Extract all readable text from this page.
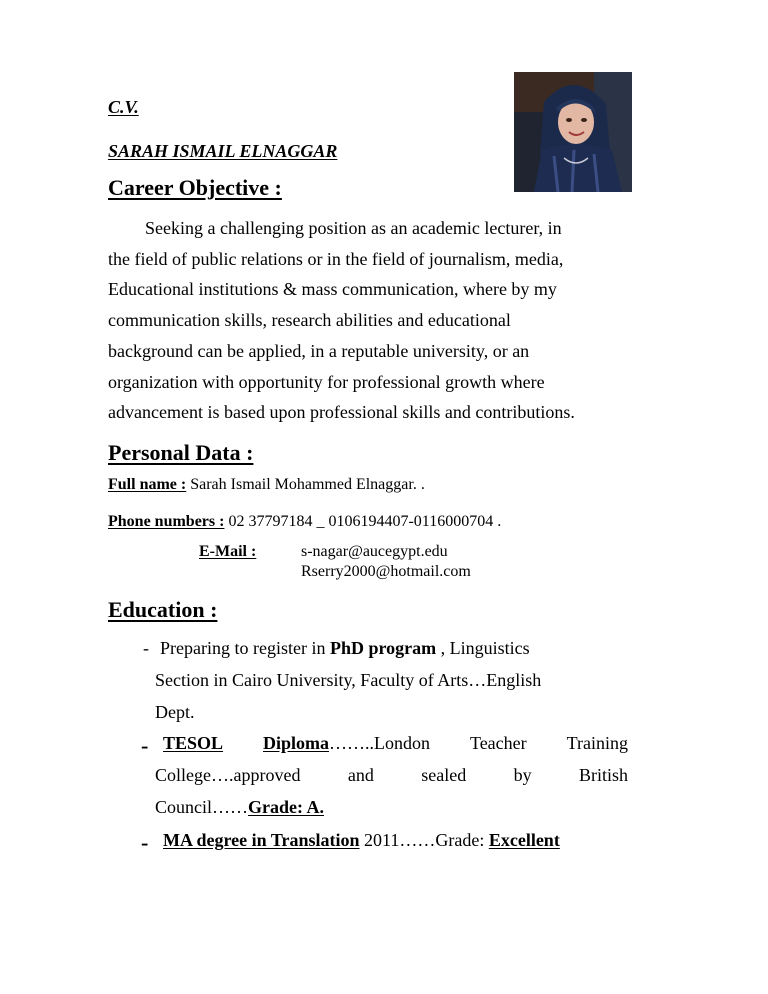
C.V.
SARAH ISMAIL ELNAGGAR
Career Objective :
Seeking a challenging position as an academic lecturer, in
the field of public relations or in the field of journalism, media,
Educational institutions & mass communication, where by my
communication skills, research abilities and educational
background can be applied, in a reputable university, or an
organization with opportunity for professional growth where
advancement is based upon professional skills and contributions.
Personal Data :
Full name : Sarah Ismail Mohammed Elnaggar. .
Phone numbers : 02 37797184 _ 0106194407-0116000704 .
E-Mail :	s-nagar@aucegypt.edu
Rserry2000@hotmail.com
Education :
- Preparing to register in PhD program , Linguistics
Section in Cairo University, Faculty of Arts…English
Dept.
- TESOL Diploma……..London Teacher Training
College….approved	and	sealed	by	British
Council……Grade: A.
- MA degree in Translation 2011……Grade: Excellent
